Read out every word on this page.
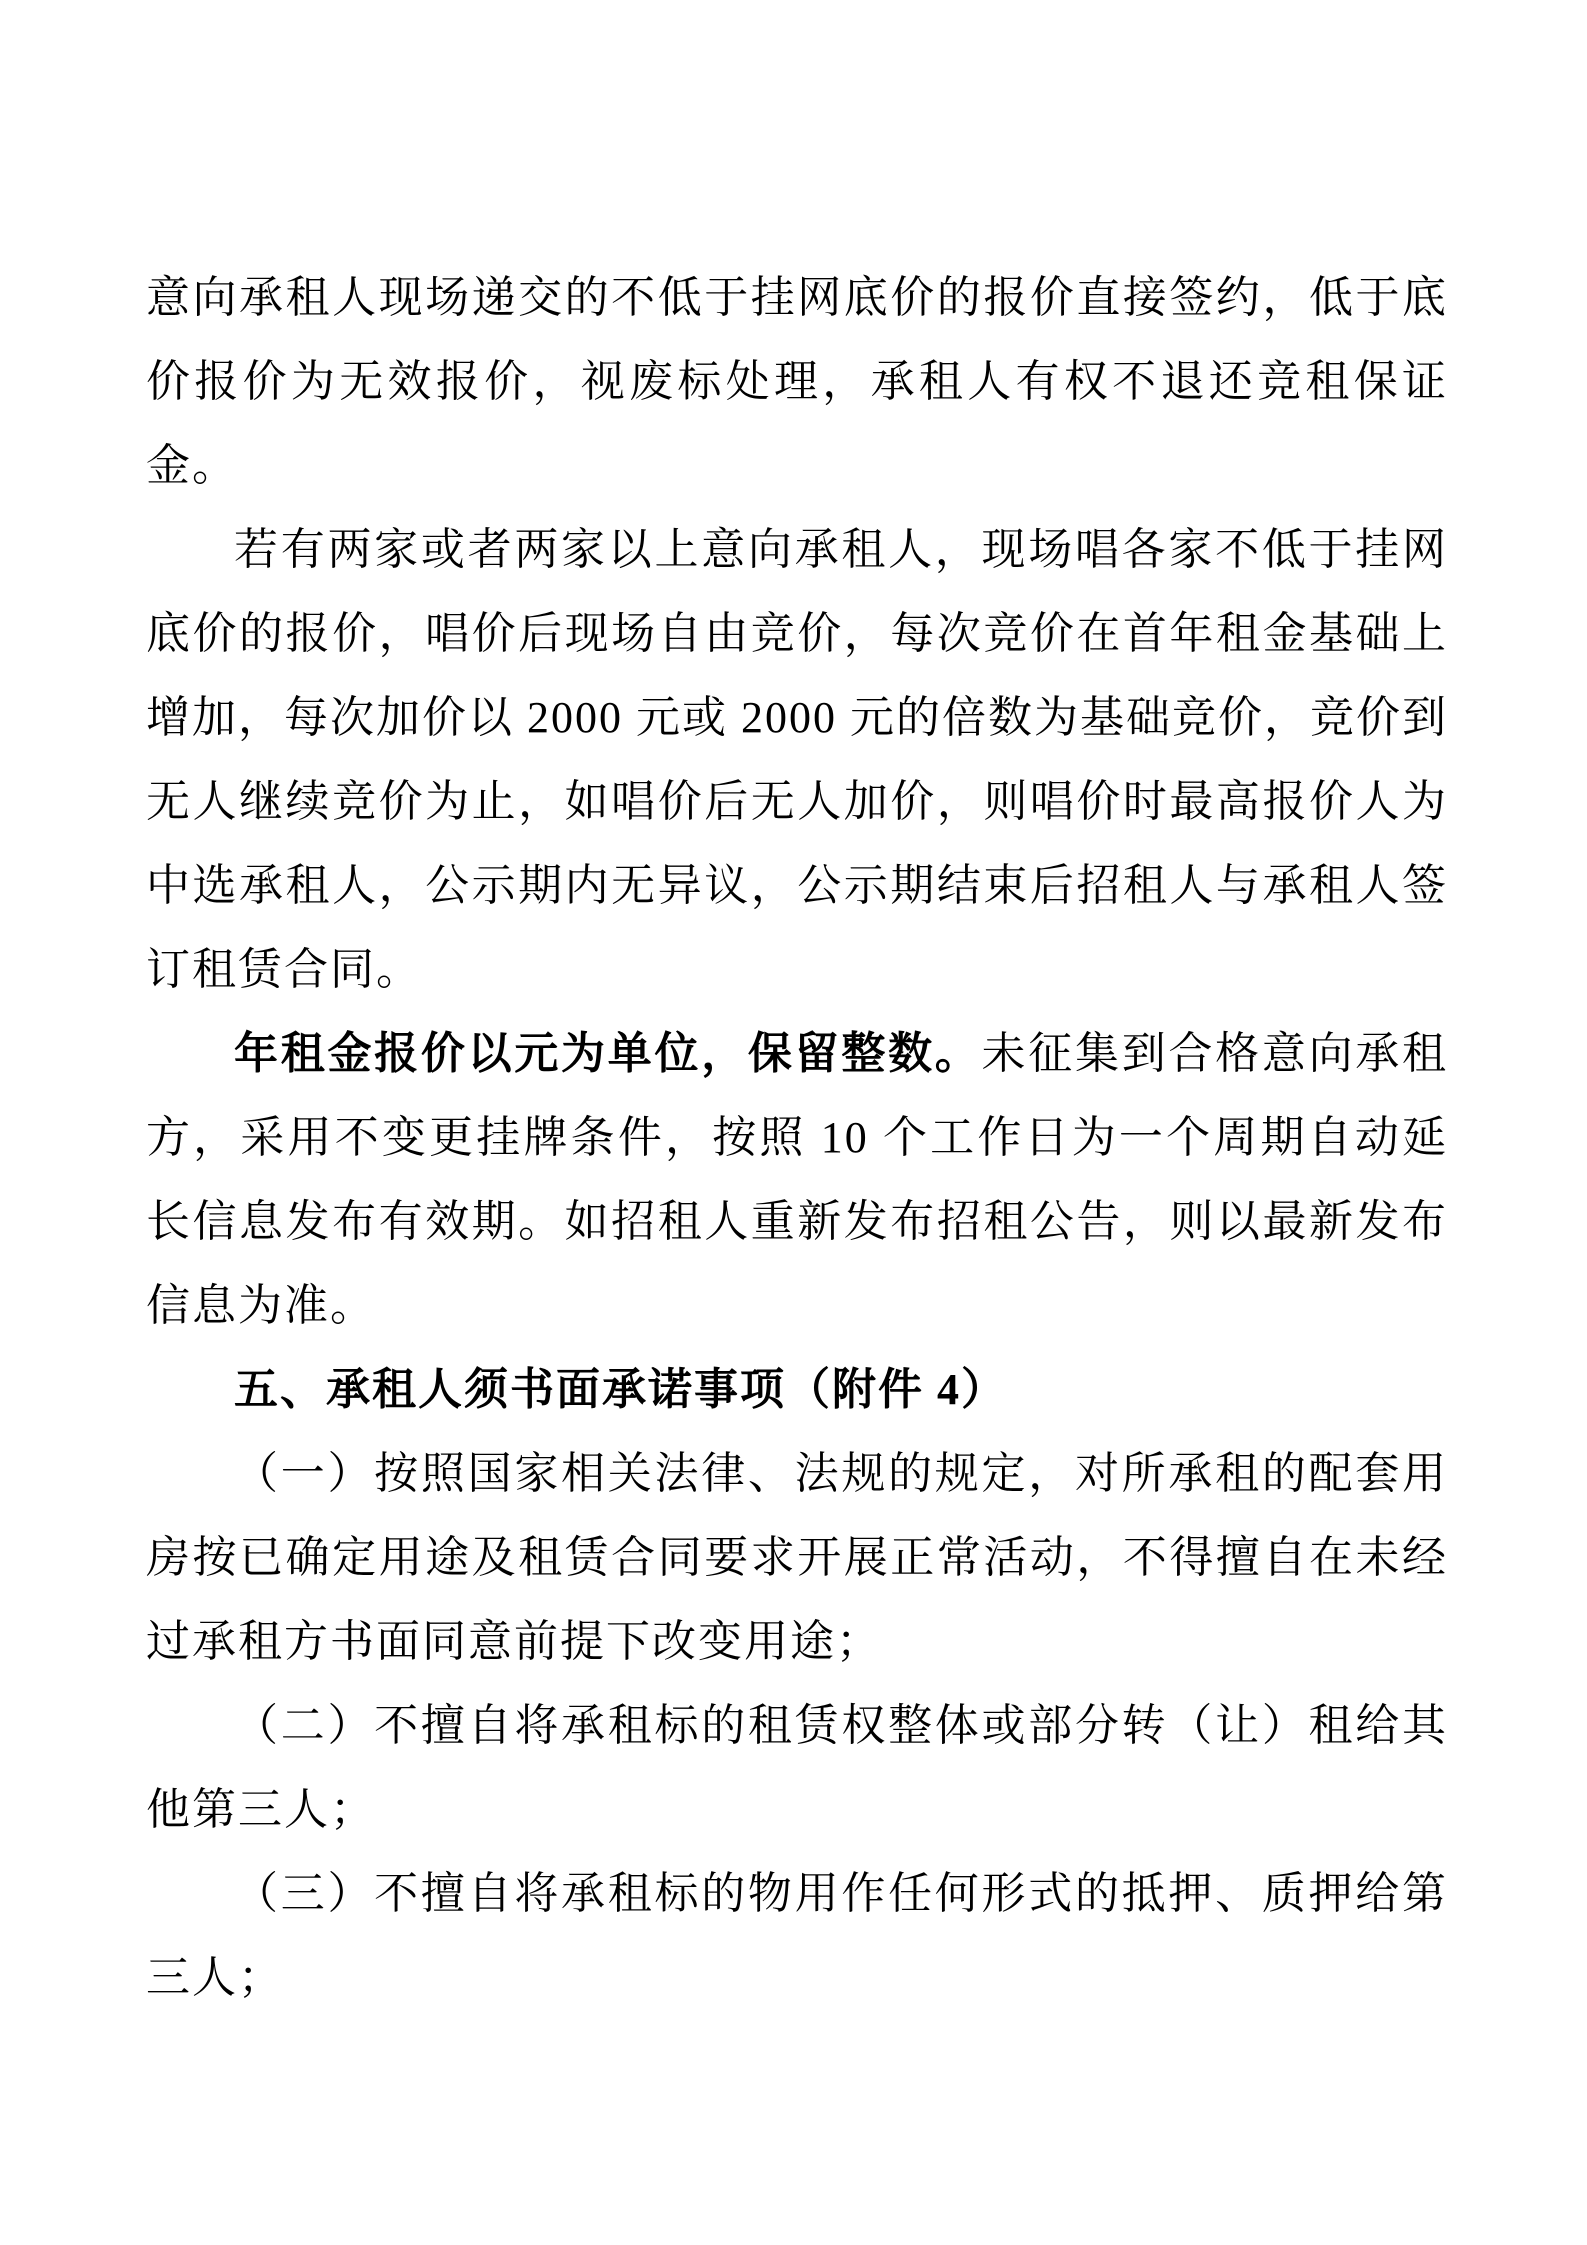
意向承租人现场递交的不低于挂网底价的报价直接签约，低于底价报价为无效报价，视废标处理，承租人有权不退还竞租保证金。

若有两家或者两家以上意向承租人，现场唱各家不低于挂网底价的报价，唱价后现场自由竞价，每次竞价在首年租金基础上增加，每次加价以 2000 元或 2000 元的倍数为基础竞价，竞价到无人继续竞价为止，如唱价后无人加价，则唱价时最高报价人为中选承租人，公示期内无异议，公示期结束后招租人与承租人签订租赁合同。

年租金报价以元为单位，保留整数。未征集到合格意向承租方，采用不变更挂牌条件，按照 10 个工作日为一个周期自动延长信息发布有效期。如招租人重新发布招租公告，则以最新发布信息为准。

五、承租人须书面承诺事项（附件 4）

（一）按照国家相关法律、法规的规定，对所承租的配套用房按已确定用途及租赁合同要求开展正常活动，不得擅自在未经过承租方书面同意前提下改变用途；

（二）不擅自将承租标的租赁权整体或部分转（让）租给其他第三人；

（三）不擅自将承租标的物用作任何形式的抵押、质押给第三人；
